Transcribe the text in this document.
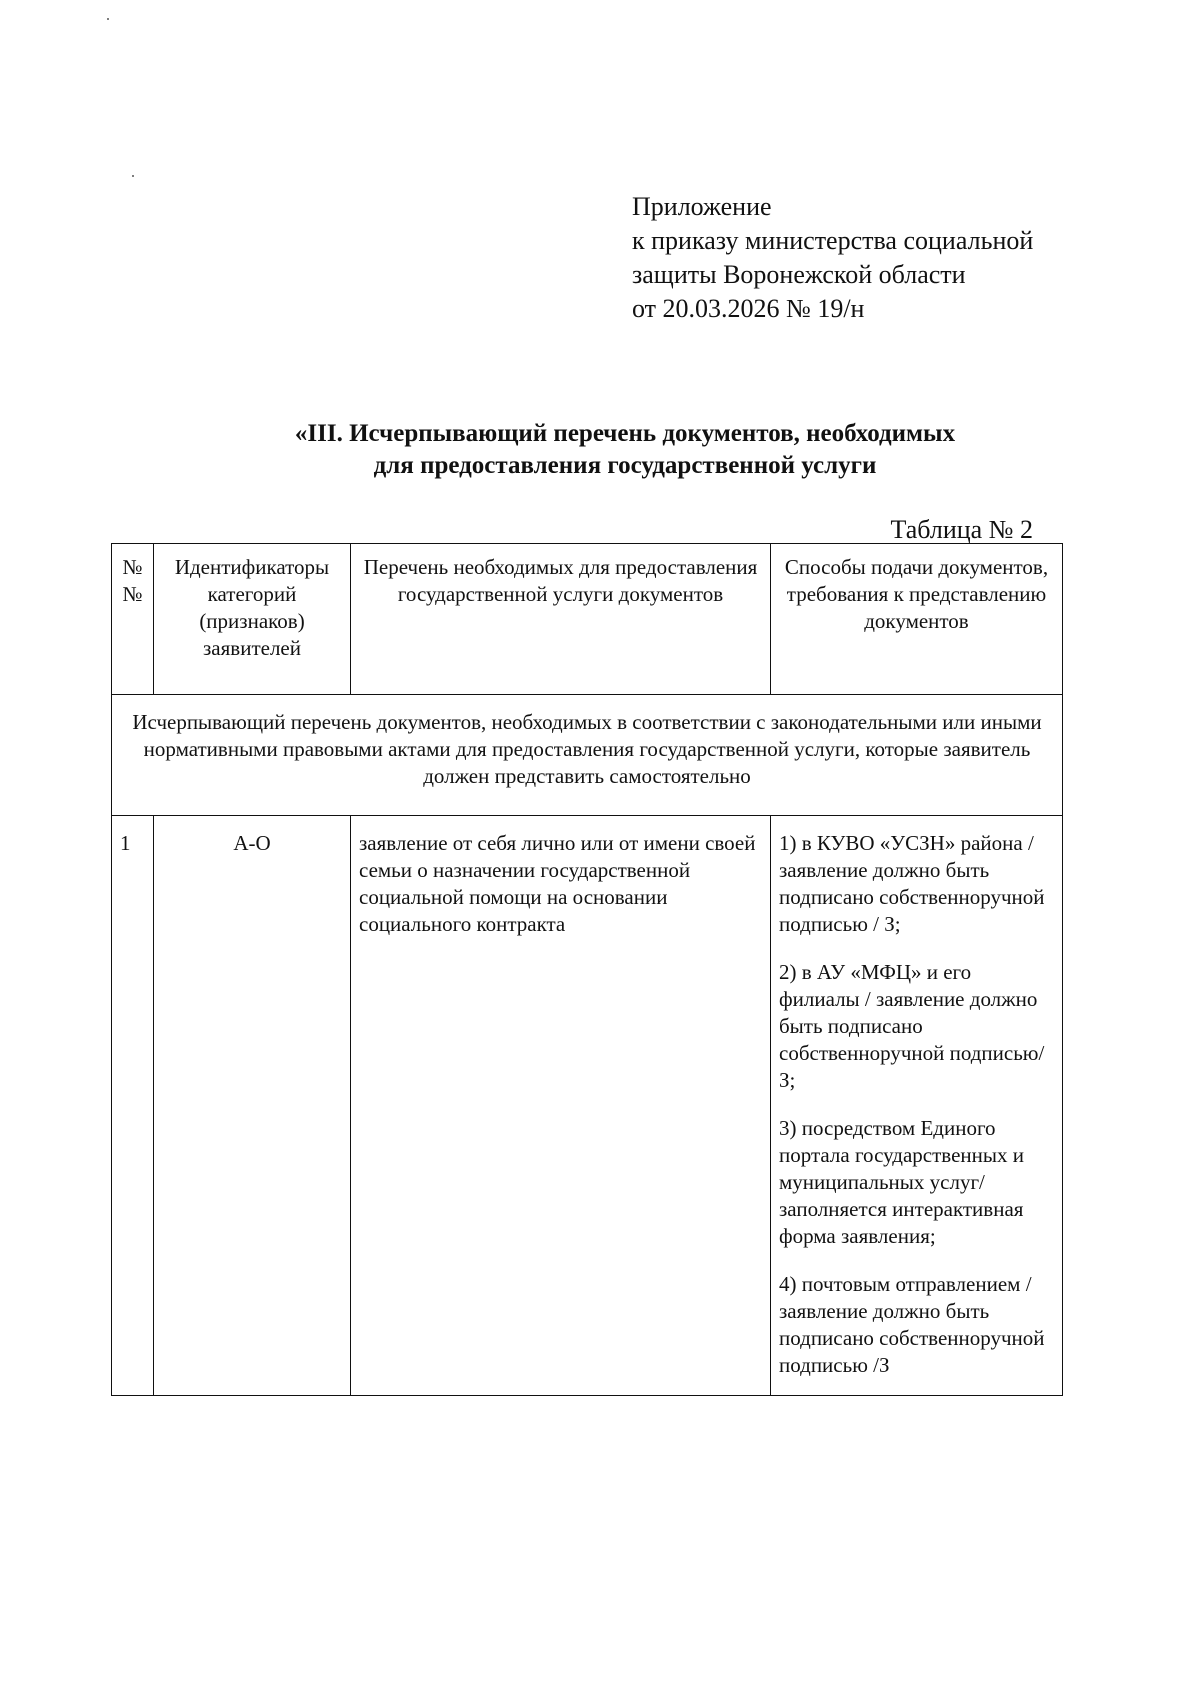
Приложение
к приказу министерства социальной
защиты Воронежской области
от 20.03.2026 № 19/н
«III. Исчерпывающий перечень документов, необходимых
для предоставления государственной услуги
Таблица № 2
№ №	Идентификаторы категорий (признаков) заявителей	Перечень необходимых для предоставления государственной услуги документов	Способы подачи документов, требования к представлению документов
Исчерпывающий перечень документов, необходимых в соответствии с законодательными или иными нормативными правовыми актами для предоставления государственной услуги, которые заявитель должен представить самостоятельно			
1	А-О	заявление от себя лично или от имени своей семьи о назначении государственной социальной помощи на основании социального контракта	1) в КУВО «УСЗН» района /заявление должно быть подписано собственноручной подписью / З;

2) в АУ «МФЦ» и его филиалы / заявление должно быть подписано собственноручной подписью/ З;

3) посредством Единого портала государственных и муниципальных услуг/ заполняется интерактивная форма заявления;

4) почтовым отправлением / заявление должно быть подписано собственноручной подписью /З
